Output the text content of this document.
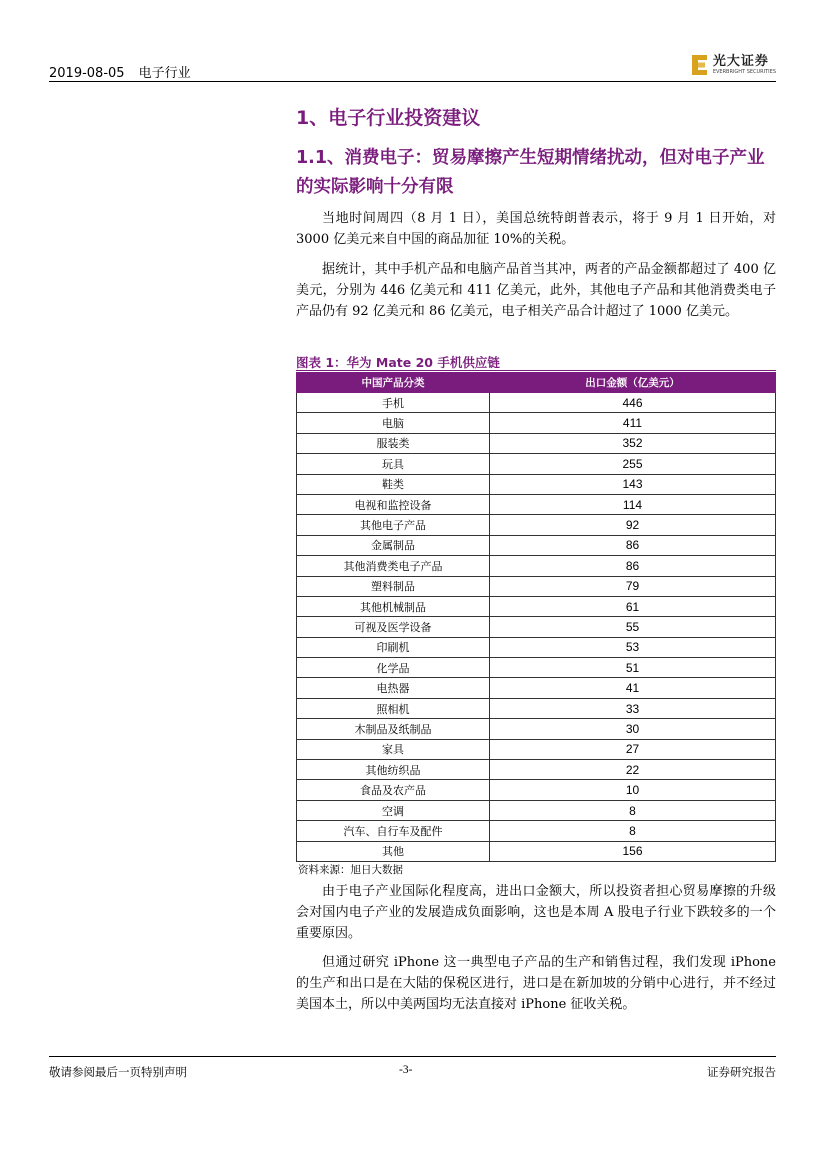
2019-08-05 电子行业
光大证券
EVERBRIGHT SECURITIES
1、电子行业投资建议
1.1、消费电子：贸易摩擦产生短期情绪扰动，但对电子产业的实际影响十分有限

当地时间周四（8 月 1 日），美国总统特朗普表示，将于 9 月 1 日开始，对 3000 亿美元来自中国的商品加征 10%的关税。

据统计，其中手机产品和电脑产品首当其冲，两者的产品金额都超过了 400 亿美元，分别为 446 亿美元和 411 亿美元，此外，其他电子产品和其他消费类电子产品仍有 92 亿美元和 86 亿美元，电子相关产品合计超过了 1000 亿美元。

图表 1：华为 Mate 20 手机供应链
中国产品分类	出口金额（亿美元）
手机	446
电脑	411
服装类	352
玩具	255
鞋类	143
电视和监控设备	114
其他电子产品	92
金属制品	86
其他消费类电子产品	86
塑料制品	79
其他机械制品	61
可视及医学设备	55
印刷机	53
化学品	51
电热器	41
照相机	33
木制品及纸制品	30
家具	27
其他纺织品	22
食品及农产品	10
空调	8
汽车、自行车及配件	8
其他	156
资料来源：旭日大数据

由于电子产业国际化程度高，进出口金额大，所以投资者担心贸易摩擦的升级会对国内电子产业的发展造成负面影响，这也是本周 A 股电子行业下跌较多的一个重要原因。

但通过研究 iPhone 这一典型电子产品的生产和销售过程，我们发现 iPhone 的生产和出口是在大陆的保税区进行，进口是在新加坡的分销中心进行，并不经过美国本土，所以中美两国均无法直接对 iPhone 征收关税。

敬请参阅最后一页特别声明	-3-	证券研究报告
